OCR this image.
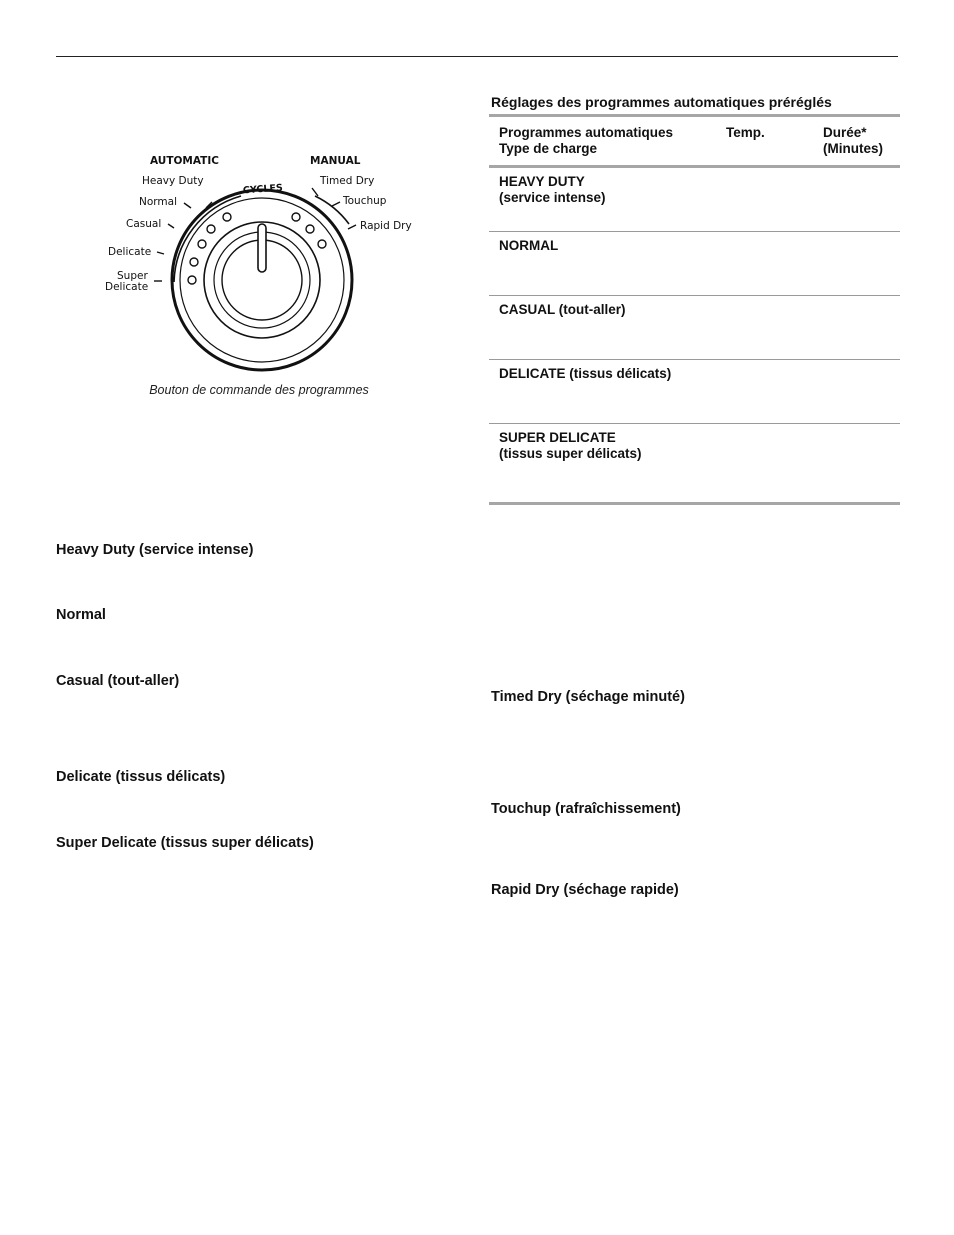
AUTOMATIC	MANUAL
CYCLES
Heavy Duty
Normal
Casual
Delicate
Super
Delicate
Timed Dry
Touchup
Rapid Dry
Bouton de commande des programmes
Réglages des programmes automatiques préréglés
Programmes automatiques
Type de charge
Temp.	Durée*
(Minutes)
HEAVY DUTY
(service intense)
NORMAL
CASUAL (tout-aller)
DELICATE (tissus délicats)
SUPER DELICATE
(tissus super délicats)
Heavy Duty (service intense)
Normal
Casual (tout-aller)
Delicate (tissus délicats)
Super Delicate (tissus super délicats)
Timed Dry (séchage minuté)
Touchup (rafraîchissement)
Rapid Dry (séchage rapide)
